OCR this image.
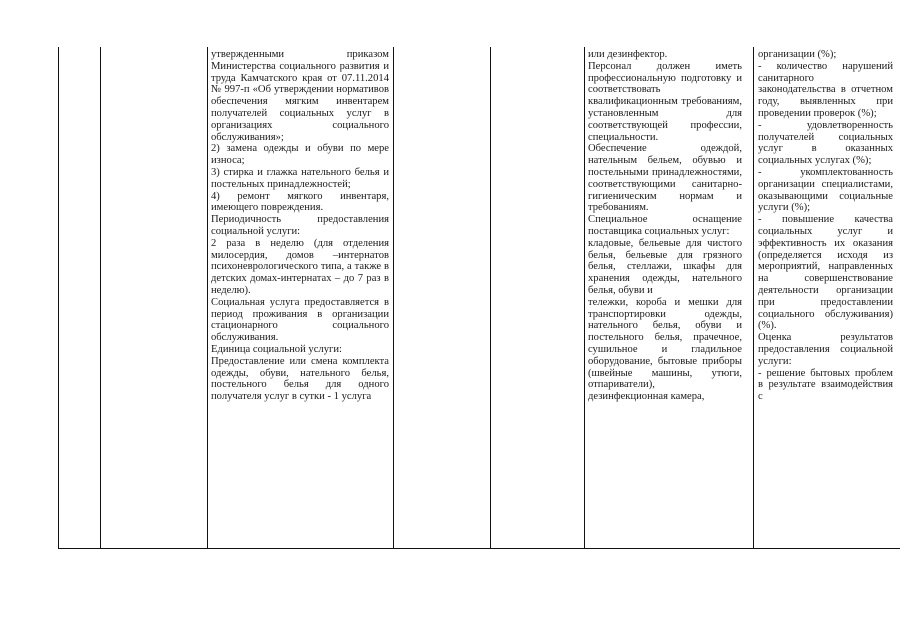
утвержденными приказом Министерства социального развития и труда Камчатского края от 07.11.2014 № 997-п «Об утверждении нормативов обеспечения мягким инвентарем получателей социальных услуг в организациях социального обслуживания»;

2) замена одежды и обуви по мере износа;

3) стирка и глажка нательного белья и постельных принадлежностей;

4) ремонт мягкого инвентаря, имеющего повреждения.

Периодичность предоставления социальной услуги:

2 раза в неделю (для отделения милосердия, домов –интернатов психоневрологического типа, а также в детских домах-интернатах – до 7 раз в неделю).

Социальная услуга предоставляется в период проживания в организации стационарного социального обслуживания.

Единица социальной услуги:

Предоставление или смена комплекта одежды, обуви, нательного белья, постельного белья для одного получателя услуг в сутки - 1 услуга

или дезинфектор.

Персонал должен иметь профессиональную подготовку и соответствовать квалификационным требованиям, установленным для соответствующей профессии, специальности.

Обеспечение одеждой, нательным бельем, обувью и постельными принадлежностями, соответствующими санитарно-гигиеническим нормам и требованиям.

Специальное оснащение поставщика социальных услуг:

кладовые, бельевые для чистого белья, бельевые для грязного белья, стеллажи, шкафы для хранения одежды, нательного белья, обуви и

тележки, короба и мешки для транспортировки одежды, нательного белья, обуви и постельного белья, прачечное, сушильное и гладильное оборудование, бытовые приборы (швейные машины, утюги, отпариватели),

дезинфекционная камера,

организации (%);

- количество нарушений санитарного законодательства в отчетном году, выявленных при проведении проверок (%);

- удовлетворенность получателей социальных услуг в оказанных социальных услугах (%);

- укомплектованность организации специалистами, оказывающими социальные услуги (%);

- повышение качества социальных услуг и эффективность их оказания (определяется исходя из мероприятий, направленных на совершенствование деятельности организации при предоставлении социального обслуживания) (%).

Оценка результатов предоставления социальной услуги:

- решение бытовых проблем в результате взаимодействия с
